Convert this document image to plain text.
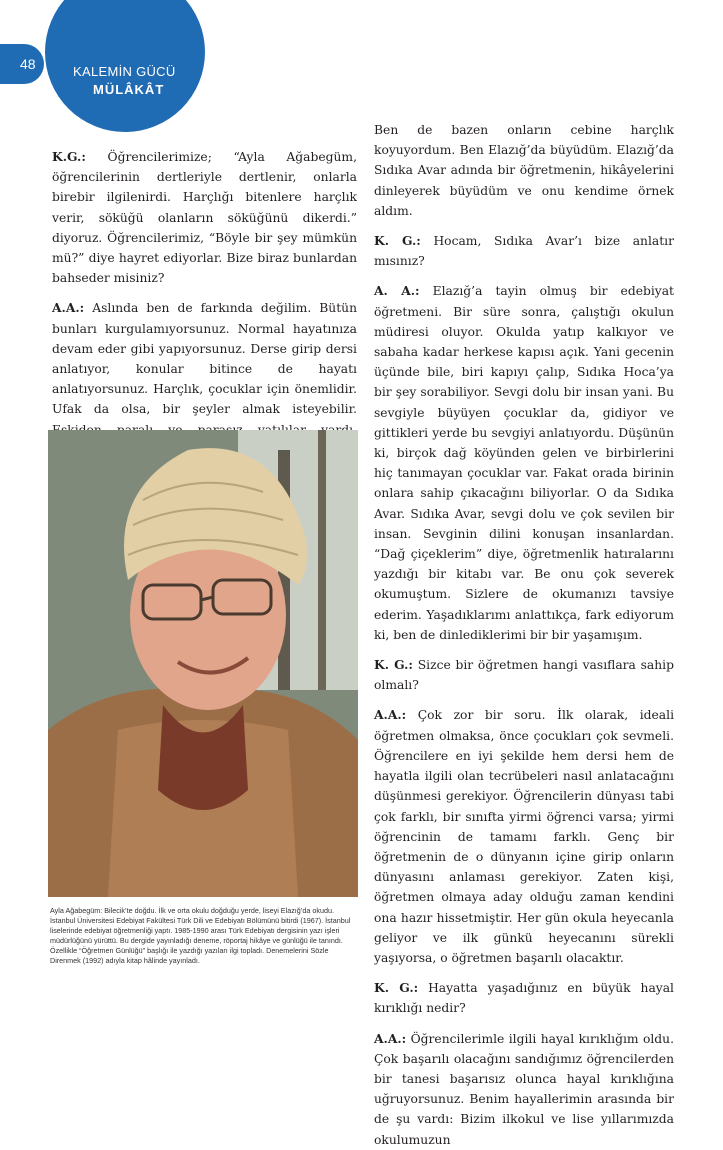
48	KALEMİN GÜCÜ
MÜLÂKÂT

K.G.: Öğrencilerimize; “Ayla Ağabegüm, öğrencilerinin dertleriyle dertlenir, onlarla birebir ilgilenirdi. Harçlığı bitenlere harçlık verir, söküğü olanların söküğünü dikerdi.” diyoruz. Öğrencilerimiz, “Böyle bir şey mümkün mü?” diye hayret ediyorlar. Bize biraz bunlardan bahseder misiniz?

A.A.: Aslında ben de farkında değilim. Bütün bunları kurgulamıyorsunuz. Normal hayatınıza devam eder gibi yapıyorsunuz. Derse girip dersi anlatıyor, konular bitince de hayatı anlatıyorsunuz. Harçlık, çocuklar için önemlidir. Ufak da olsa, bir şeyler almak isteyebilir.

Ayla Ağabegüm: Bilecik’te doğdu. İlk ve orta okulu doğduğu yerde, liseyi Elazığ’da okudu. İstanbul Üniversitesi Edebiyat Fakültesi Türk Dili ve Edebiyatı Bölümünü bitirdi (1967). İstanbul liselerinde edebiyat öğretmenliği yaptı. 1985-1990 arası Türk Edebiyatı dergisinin yazı işleri müdürlüğünü yürüttü. Bu dergide yayınladığı deneme, röportaj hikâye ve günlüğü ile tanındı. Özellikle “Öğretmen Günlüğü” başlığı ile yazdığı yazıları ilgi topladı. Denemelerini Sözle Direnmek (1992) adıyla kitap hâlinde yayınladı.

Ben de bazen onların cebine harçlık koyuyordum. Ben Elazığ’da büyüdüm. Elazığ’da Sıdıka Avar adında bir öğretmenin, hikâyelerini dinleyerek büyüdüm ve onu kendime örnek aldım.

K. G.: Hocam, Sıdıka Avar’ı bize anlatır mısınız?

A. A.: Elazığ’a tayin olmuş bir edebiyat öğretmeni. Bir süre sonra, çalıştığı okulun müdiresi oluyor. Okulda yatıp kalkıyor ve sabaha kadar herkese kapısı açık. Yani gecenin üçünde bile, biri kapıyı çalıp, Sıdıka Hoca’ya bir şey sorabiliyor. Sevgi dolu bir insan yani. Bu sevgiyle büyüyen çocuklar da, gidiyor ve gittikleri yerde bu sevgiyi anlatıyordu. Düşünün ki, birçok dağ köyünden gelen ve birbirlerini hiç tanımayan çocuklar var. Fakat orada birinin onlara sahip çıkacağını biliyorlar. O da Sıdıka Avar. Sıdıka Avar, sevgi dolu ve çok sevilen bir insan. Sevginin dilini konuşan insanlardan. “Dağ çiçeklerim” diye, öğretmenlik hatıralarını yazdığı bir kitabı var. Be onu çok severek okumuştum. Sizlere de okumanızı tavsiye ederim. Yaşadıklarımı anlattıkça, fark ediyorum ki, ben de dinlediklerimi bir bir yaşamışım.

K. G.: Sizce bir öğretmen hangi vasıflara sahip olmalı?

A.A.: Çok zor bir soru. İlk olarak, ideali öğretmen olmaksa, önce çocukları çok sevmeli. Öğrencilere en iyi şekilde hem dersi hem de hayatla ilgili olan tecrübeleri nasıl anlatacağını düşünmesi gerekiyor. Öğrencilerin dünyası tabi çok farklı, bir sınıfta yirmi öğrenci varsa; yirmi öğrencinin de tamamı farklı. Genç bir öğretmenin de o dünyanın içine girip onların dünyasını anlaması gerekiyor. Zaten kişi, öğretmen olmaya aday olduğu zaman kendini ona hazır hissetmiştir. Her gün okula heyecanla geliyor ve ilk günkü heyecanını sürekli yaşıyorsa, o öğretmen başarılı olacaktır.

K. G.: Hayatta yaşadığınız en büyük hayal kırıklığı nedir?

A.A.: Öğrencilerimle ilgili hayal kırıklığım oldu. Çok başarılı olacağını sandığımız öğrencilerden bir tanesi başarısız olunca hayal kırıklığına uğruyorsunuz. Benim hayallerimin arasında bir de şu vardı: Bizim ilkokul ve lise yıllarımızda okulumuzun
